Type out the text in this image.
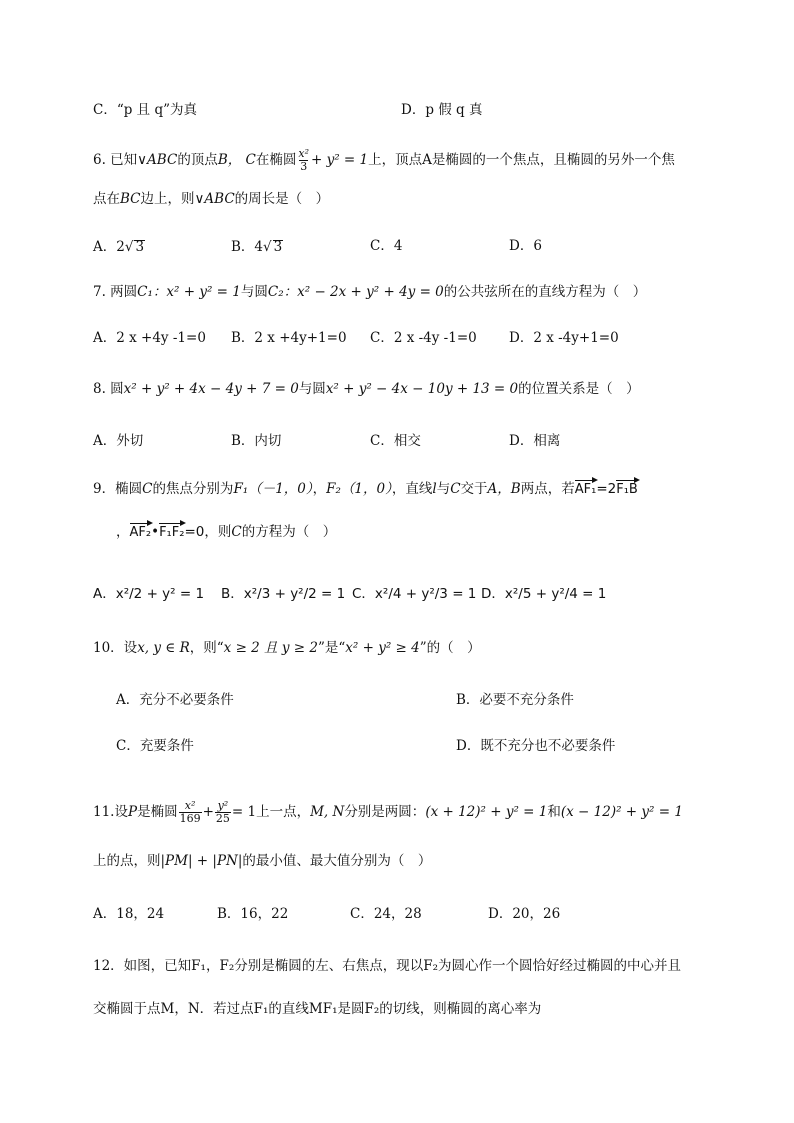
C．“p 且 q”为真	D．p 假 q 真
6. 已知∨ABC的顶点B， C在椭圆 $\frac{\text{x²}}{3} + y^2 = 1$上，顶点A是椭圆的一个焦点，且椭圆的另外一个焦
点在BC边上，则∨ABC的周长是（　）
A．2√ 3	B．4√ 3	C．4	D．6
7. 两圆C₁：x² + y² = 1与圆C₂：x² − 2x + y² + 4y = 0的公共弦所在的直线方程为（　）
A．2 x +4y -1=0 B．2 x +4y+1=0 C．2 x -4y -1=0 D．2 x -4y+1=0
8. 圆x² + y² + 4x − 4y + 7 = 0与圆x² + y² − 4x − 10y + 13 = 0的位置关系是（　）
A．外切	B．内切	C．相交	D．相离
9．椭圆C的焦点分别为F₁（－1，0），F₂（1，0），直线l与C交于A，B两点，若AF₁=2F₁B
，AF₂•F₁F₂=0，则C的方程为（　）
A．x²/2 + y² = 1 B．x²/3 + y²/2 = 1 C．x²/4 + y²/3 = 1 D．x²/5 + y²/4 = 1
10．设x, y ∈ R，则“x ≥ 2 且 y ≥ 2”是“x² + y² ≥ 4”的（　）
A．充分不必要条件	B．必要不充分条件
C．充要条件	D．既不充分也不必要条件
11.设P是椭圆 $\frac{\text{x²}}{169} + \frac{\text{y²}}{25} = 1$上一点，M, N分别是两圆：(x + 12)² + y² = 1和(x − 12)² + y² = 1
上的点，则|PM| + |PN|的最小值、最大值分别为（　）
A．18，24	B．16，22	C．24，28	D．20，26
12．如图，已知F₁，F₂分别是椭圆的左、右焦点，现以F₂为圆心作一个圆恰好经过椭圆的中心并且
交椭圆于点M，N．若过点F₁的直线MF₁是圆F₂的切线，则椭圆的离心率为
